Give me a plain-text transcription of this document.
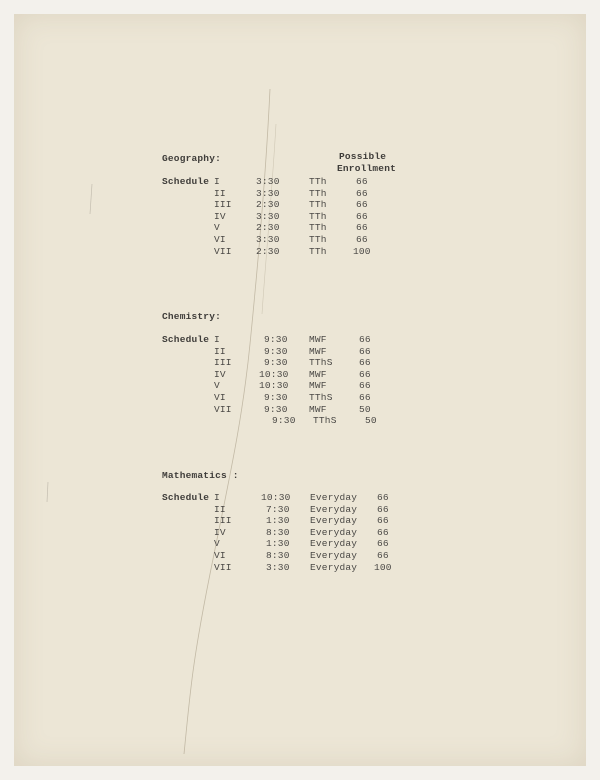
Possible
Enrollment
Geography:
Schedule I	3:30	TTh	66
II	3:30	TTh	66
III	2:30	TTh	66
IV	3:30	TTh	66
V	2:30	TTh	66
VI	3:30	TTh	66
VII	2:30	TTh	100
Chemistry:
Schedule I	9:30 MWF	66
II	9:30 MWF	66
III	9:30 TThS	66
IV	10:30 MWF	66
V	10:30 MWF	66
VI	9:30 TThS	66
VII	9:30 MWF	50
9:30 TThS	50
Mathematics :
Schedule I	10:30 Everyday 66
II	7:30 Everyday 66
III	1:30 Everyday 66
IV	8:30 Everyday 66
V	1:30 Everyday 66
VI	8:30 Everyday 66
VII	3:30 Everyday 100
